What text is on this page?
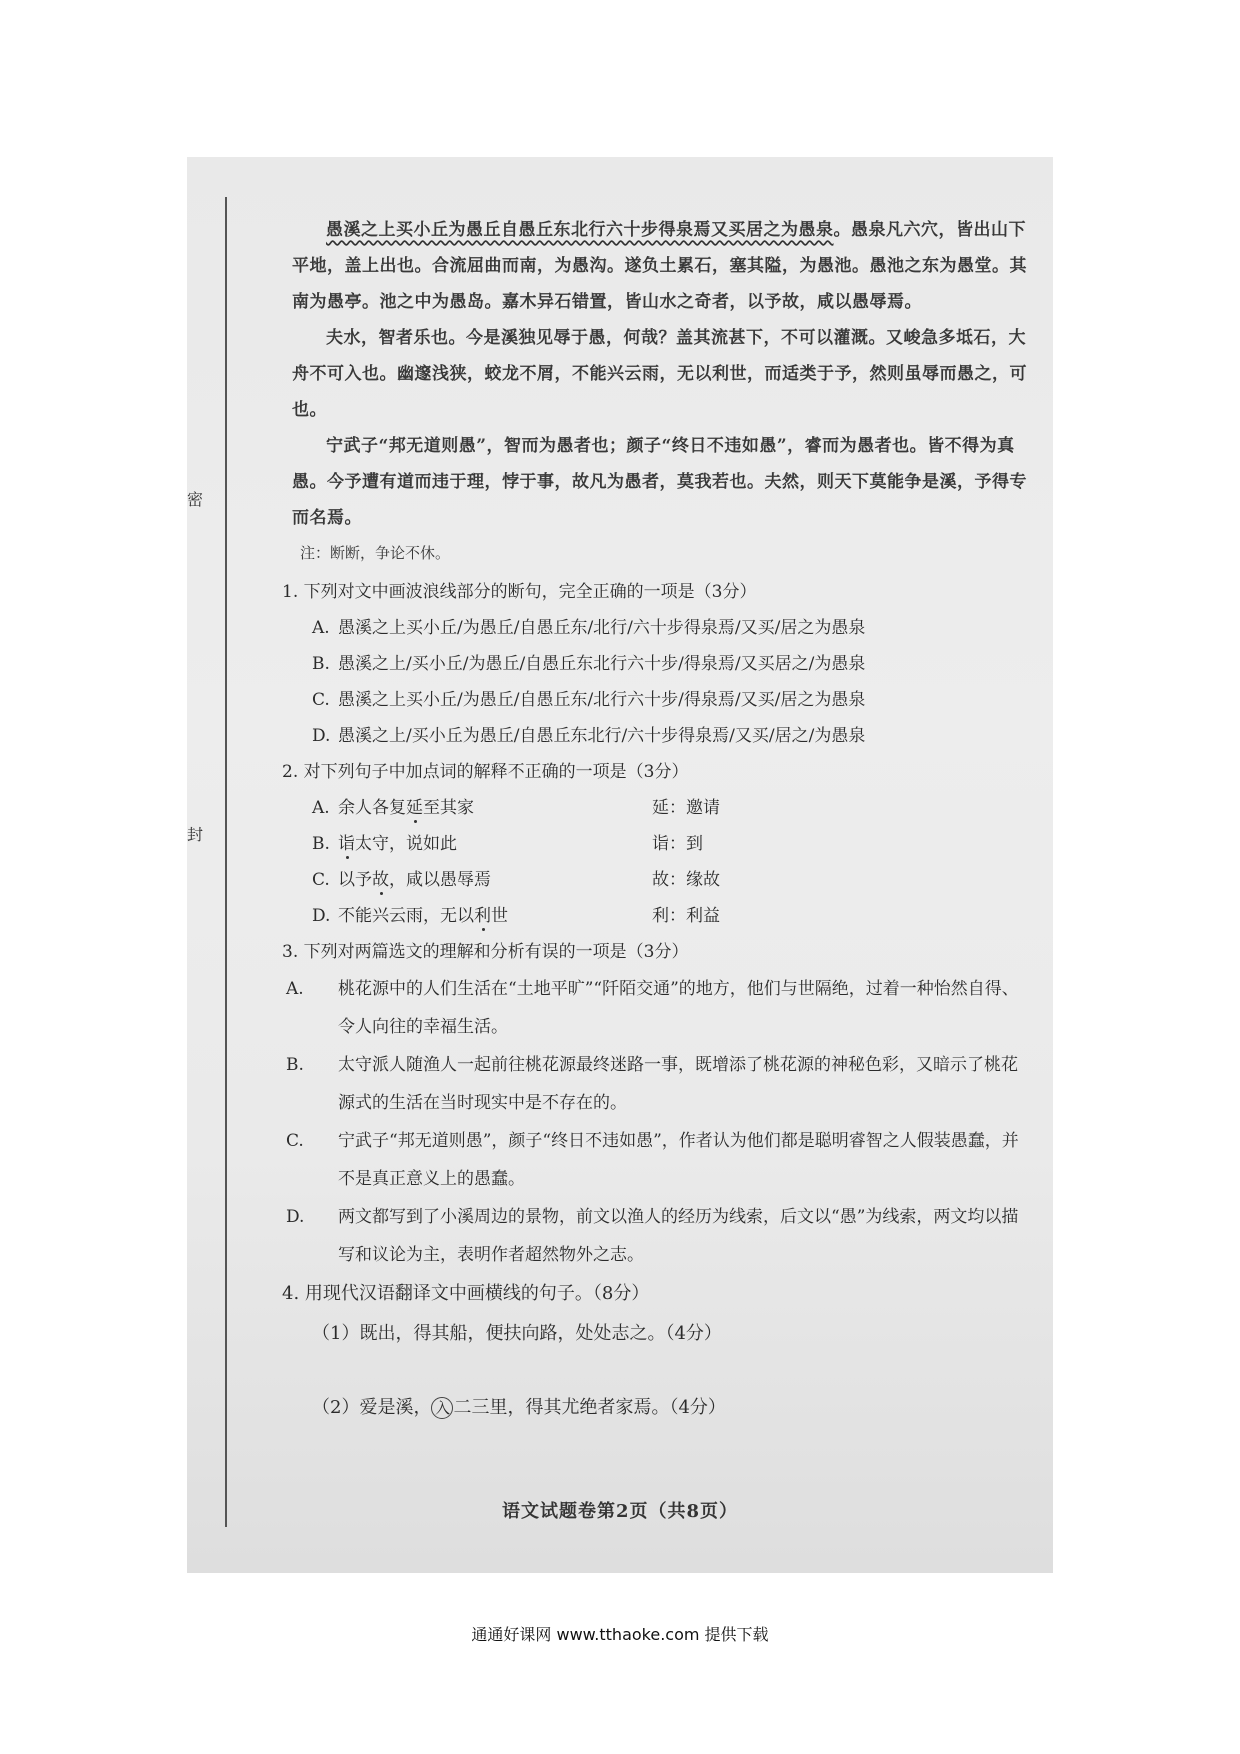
密
封

愚溪之上买小丘为愚丘自愚丘东北行六十步得泉焉又买居之为愚泉。愚泉凡六穴，皆出山下平地，盖上出也。合流屈曲而南，为愚沟。遂负土累石，塞其隘，为愚池。愚池之东为愚堂。其南为愚亭。池之中为愚岛。嘉木异石错置，皆山水之奇者，以予故，咸以愚辱焉。

夫水，智者乐也。今是溪独见辱于愚，何哉？盖其流甚下，不可以灌溉。又峻急多坻石，大舟不可入也。幽邃浅狭，蛟龙不屑，不能兴云雨，无以利世，而适类于予，然则虽辱而愚之，可也。

宁武子“邦无道则愚”，智而为愚者也；颜子“终日不违如愚”，睿而为愚者也。皆不得为真愚。今予遭有道而违于理，悖于事，故凡为愚者，莫我若也。夫然，则天下莫能争是溪，予得专而名焉。

注：断断，争论不休。
1. 下列对文中画波浪线部分的断句，完全正确的一项是（3分）
A. 愚溪之上买小丘/为愚丘/自愚丘东/北行/六十步得泉焉/又买/居之为愚泉
B. 愚溪之上/买小丘/为愚丘/自愚丘东北行六十步/得泉焉/又买居之/为愚泉
C. 愚溪之上买小丘/为愚丘/自愚丘东/北行六十步/得泉焉/又买/居之为愚泉
D. 愚溪之上/买小丘为愚丘/自愚丘东北行/六十步得泉焉/又买/居之/为愚泉
2. 对下列句子中加点词的解释不正确的一项是（3分）
A. 余人各复延至其家	延：邀请
B. 诣太守，说如此	诣：到
C. 以予故，咸以愚辱焉	故：缘故
D. 不能兴云雨，无以利世	利：利益
3. 下列对两篇选文的理解和分析有误的一项是（3分）
A. 桃花源中的人们生活在“土地平旷”“阡陌交通”的地方，他们与世隔绝，过着一种怡然自得、令人向往的幸福生活。
B. 太守派人随渔人一起前往桃花源最终迷路一事，既增添了桃花源的神秘色彩，又暗示了桃花源式的生活在当时现实中是不存在的。
C. 宁武子“邦无道则愚”，颜子“终日不违如愚”，作者认为他们都是聪明睿智之人假装愚蠢，并不是真正意义上的愚蠢。
D. 两文都写到了小溪周边的景物，前文以渔人的经历为线索，后文以“愚”为线索，两文均以描写和议论为主，表明作者超然物外之志。
4. 用现代汉语翻译文中画横线的句子。（8分）
（1）既出，得其船，便扶向路，处处志之。（4分）
（2）爱是溪， 入 二三里，得其尤绝者家焉。（4分）
语文试题卷第2页（共8页）
通通好课网 www.tthaoke.com 提供下载
